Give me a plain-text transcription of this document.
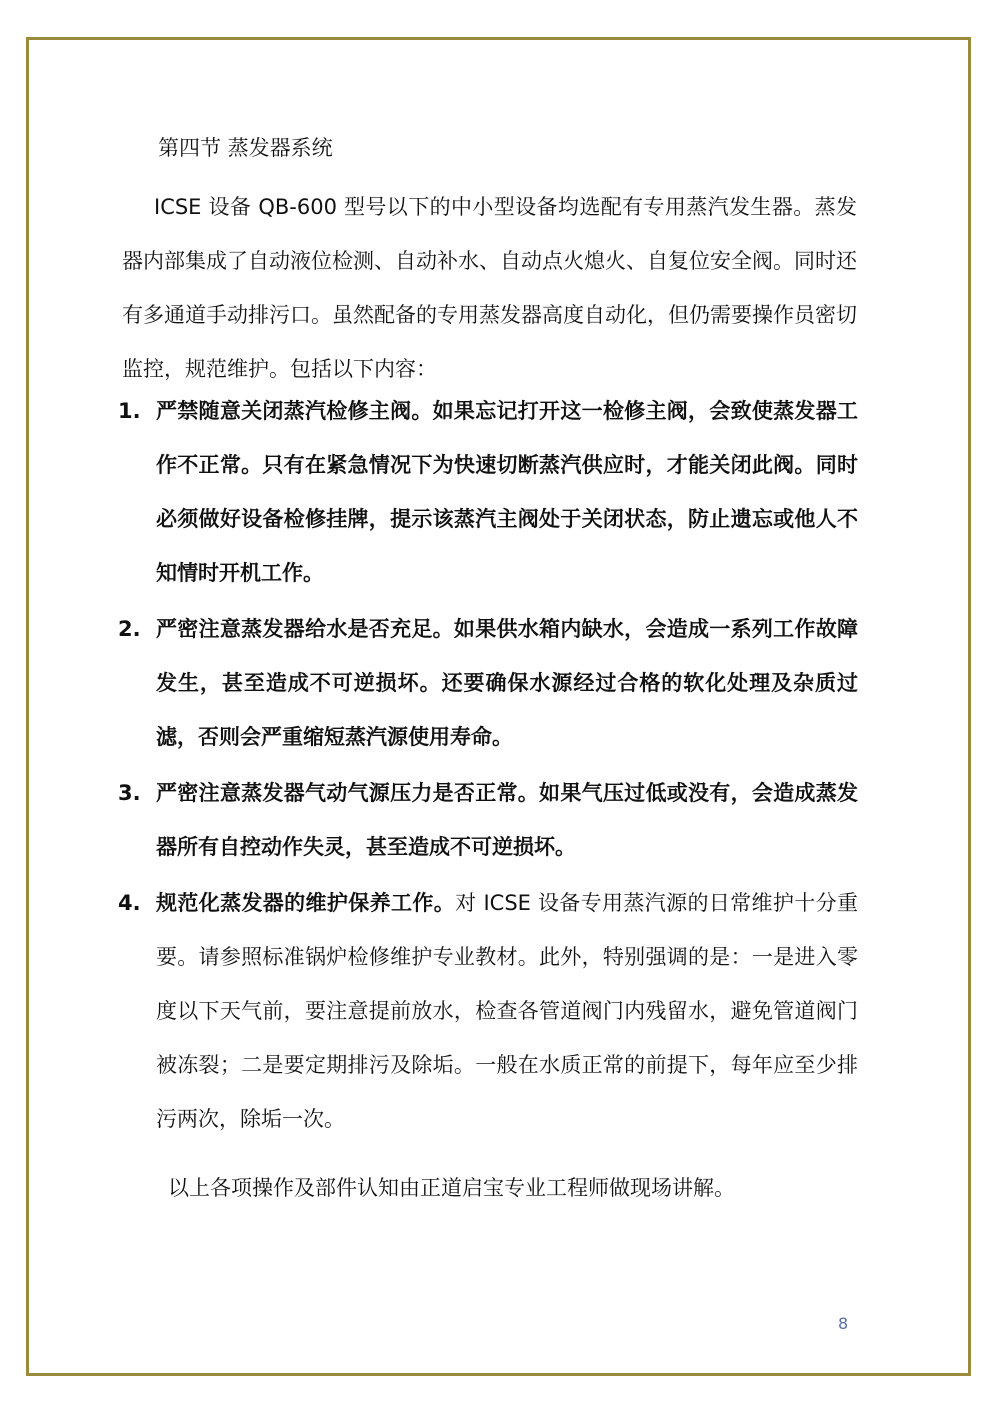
第四节 蒸发器系统
ICSE 设备 QB-600 型号以下的中小型设备均选配有专用蒸汽发生器。蒸发器内部集成了自动液位检测、自动补水、自动点火熄火、自复位安全阀。同时还有多通道手动排污口。虽然配备的专用蒸发器高度自动化，但仍需要操作员密切监控，规范维护。包括以下内容：
1. 严禁随意关闭蒸汽检修主阀。如果忘记打开这一检修主阀，会致使蒸发器工作不正常。只有在紧急情况下为快速切断蒸汽供应时，才能关闭此阀。同时必须做好设备检修挂牌，提示该蒸汽主阀处于关闭状态，防止遗忘或他人不知情时开机工作。
2. 严密注意蒸发器给水是否充足。如果供水箱内缺水，会造成一系列工作故障发生，甚至造成不可逆损坏。还要确保水源经过合格的软化处理及杂质过滤，否则会严重缩短蒸汽源使用寿命。
3. 严密注意蒸发器气动气源压力是否正常。如果气压过低或没有，会造成蒸发器所有自控动作失灵，甚至造成不可逆损坏。
4. 规范化蒸发器的维护保养工作。对 ICSE 设备专用蒸汽源的日常维护十分重要。请参照标准锅炉检修维护专业教材。此外，特别强调的是：一是进入零度以下天气前，要注意提前放水，检查各管道阀门内残留水，避免管道阀门被冻裂；二是要定期排污及除垢。一般在水质正常的前提下，每年应至少排污两次，除垢一次。
以上各项操作及部件认知由正道启宝专业工程师做现场讲解。
8
